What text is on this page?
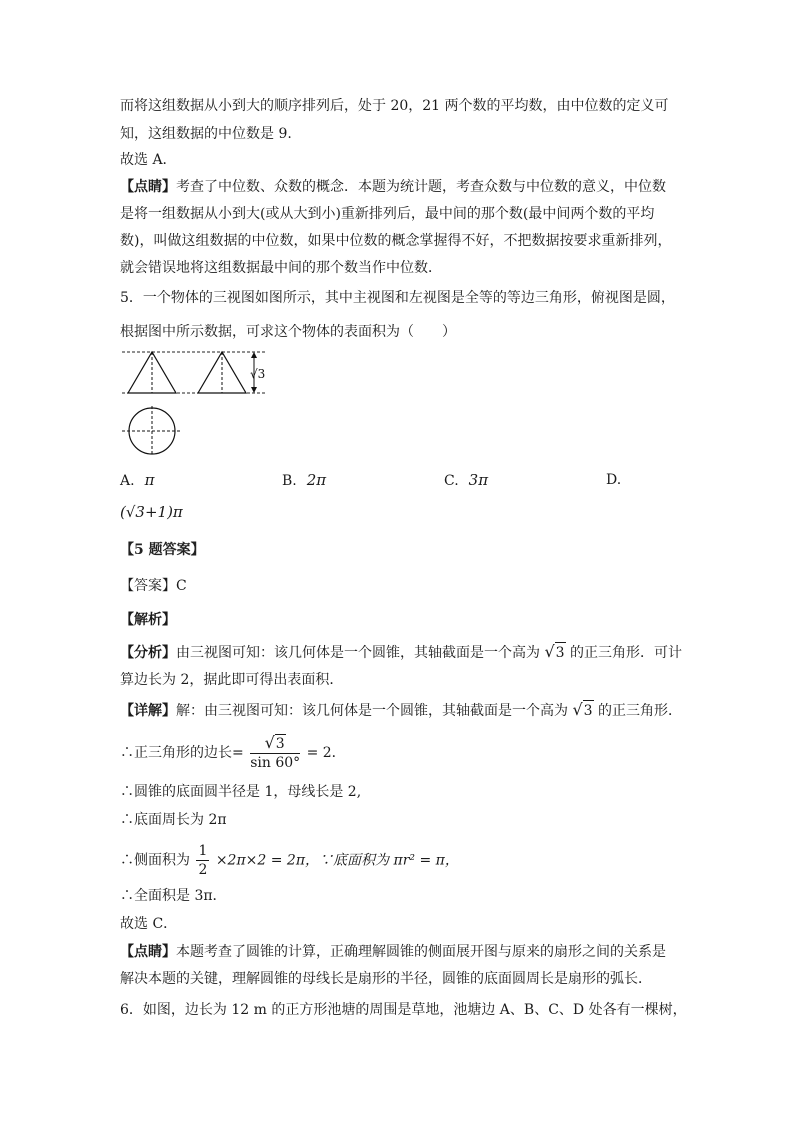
而将这组数据从小到大的顺序排列后，处于 20，21 两个数的平均数，由中位数的定义可
知，这组数据的中位数是 9.
故选 A．
【点睛】考查了中位数、众数的概念．本题为统计题，考查众数与中位数的意义，中位数
是将一组数据从小到大(或从大到小)重新排列后，最中间的那个数(最中间两个数的平均
数)，叫做这组数据的中位数，如果中位数的概念掌握得不好，不把数据按要求重新排列，
就会错误地将这组数据最中间的那个数当作中位数．
5．一个物体的三视图如图所示，其中主视图和左视图是全等的等边三角形，俯视图是圆，
根据图中所示数据，可求这个物体的表面积为（　　）
√3
A. π	B. 2π	C. 3π	D.
(√3+1)π
【5 题答案】
【答案】C
【解析】
【分析】由三视图可知：该几何体是一个圆锥，其轴截面是一个高为 √3 的正三角形．可计
算边长为 2，据此即可得出表面积．
【详解】解：由三视图可知：该几何体是一个圆锥，其轴截面是一个高为 √3 的正三角形．
∴正三角形的边长= $\frac{√3}{\sin 60^\circ} = 2$．
∴圆锥的底面圆半径是 1，母线长是 2,
∴底面周长为 2π
∴侧面积为 $\frac{1}{2} \times 2\pi\times 2 = 2\pi$，∵底面积为 πr² = π，
∴全面积是 3π．
故选 C．
【点睛】本题考查了圆锥的计算，正确理解圆锥的侧面展开图与原来的扇形之间的关系是
解决本题的关键，理解圆锥的母线长是扇形的半径，圆锥的底面圆周长是扇形的弧长．
6．如图，边长为 12 m 的正方形池塘的周围是草地，池塘边 A、B、C、D 处各有一棵树，
